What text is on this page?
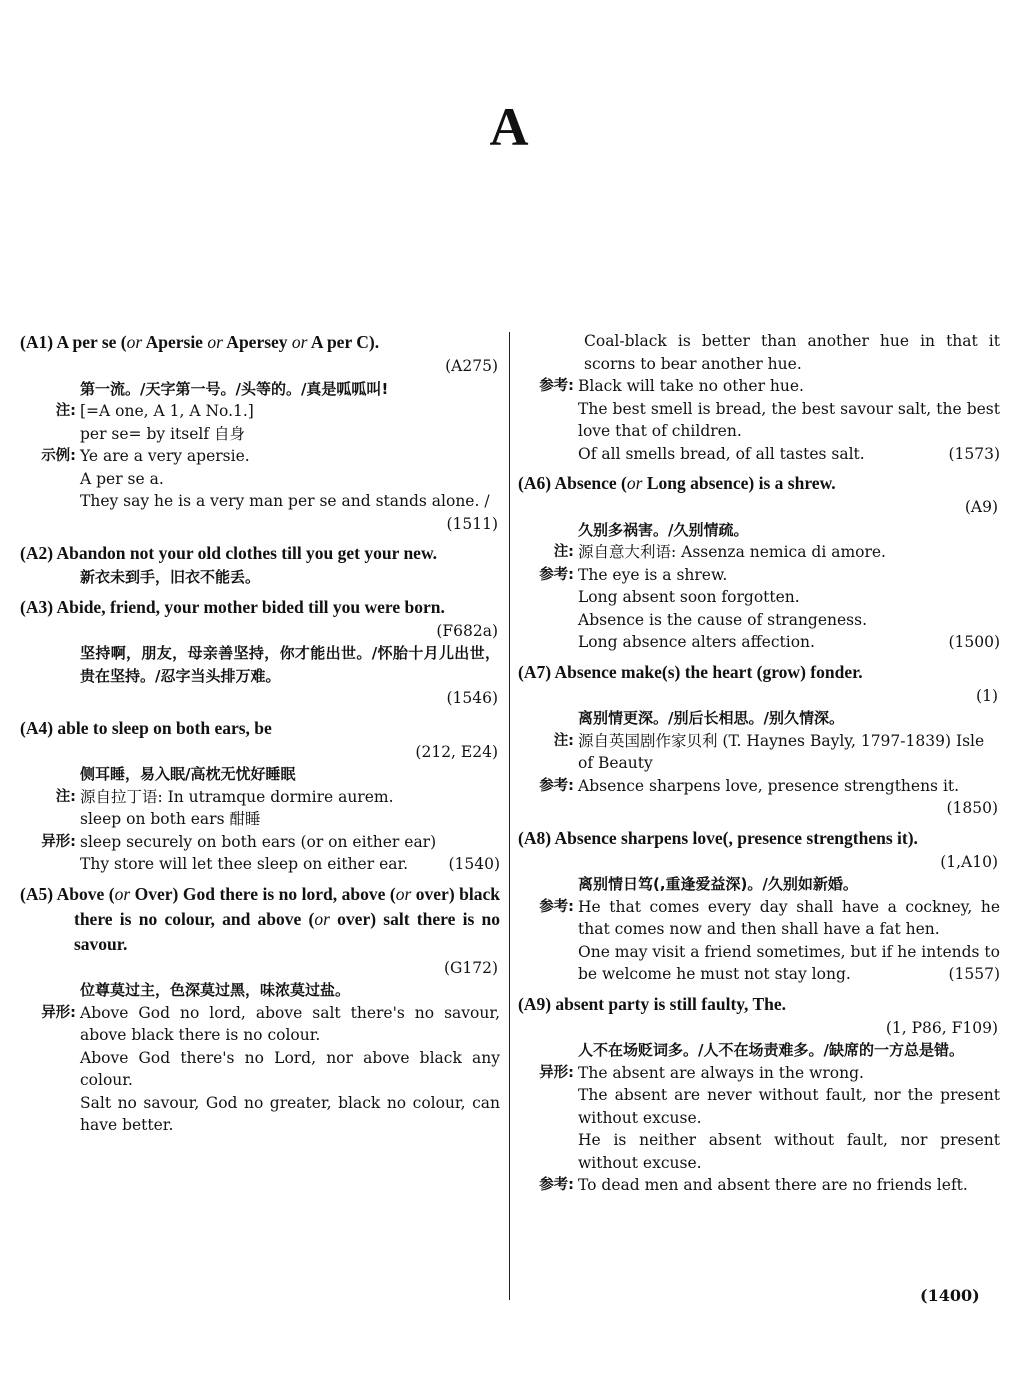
A
(A1) A per se (or Apersie or Apersey or A per C).
(A275)
第一流。/天字第一号。/头等的。/真是呱呱叫!
注: [=A one, A 1, A No.1.]
per se= by itself 自身
示例: Ye are a very apersie.
A per se a.
They say he is a very man per se and stands alone. /
(1511)
(A2) Abandon not your old clothes till you get your new.
新衣未到手，旧衣不能丢。
(A3) Abide, friend, your mother bided till you were born.
(F682a)
坚持啊，朋友，母亲善坚持，你才能出世。/怀胎十月儿出世，贵在坚持。/忍字当头排万难。
(1546)
(A4) able to sleep on both ears, be
(212, E24)
侧耳睡，易入眠/高枕无忧好睡眠
注: 源自拉丁语: In utramque dormire aurem.
sleep on both ears 酣睡
异形: sleep securely on both ears (or on either ear)
Thy store will let thee sleep on either ear.	(1540)
(A5) Above (or Over) God there is no lord, above (or over) black there is no colour, and above (or over) salt there is no savour.
(G172)
位尊莫过主，色深莫过黑，味浓莫过盐。
异形: Above God no lord, above salt there's no savour, above black there is no colour.
Above God there's no Lord, nor above black any colour.
Salt no savour, God no greater, black no colour, can have better.
Coal-black is better than another hue in that it scorns to bear another hue.
参考: Black will take no other hue.
The best smell is bread, the best savour salt, the best love that of children.
Of all smells bread, of all tastes salt.	(1573)
(A6) Absence (or Long absence) is a shrew.
(A9)
久别多祸害。/久别情疏。
注: 源自意大利语: Assenza nemica di amore.
参考: The eye is a shrew.
Long absent soon forgotten.
Absence is the cause of strangeness.
Long absence alters affection.	(1500)
(A7) Absence make(s) the heart (grow) fonder.
(1)
离别情更深。/别后长相思。/别久情深。
注: 源自英国剧作家贝利 (T. Haynes Bayly, 1797-1839) Isle of Beauty
参考: Absence sharpens love, presence strengthens it.
(1850)
(A8) Absence sharpens love(, presence strengthens it).
(1,A10)
离别情日笃(,重逢爱益深)。/久别如新婚。
参考: He that comes every day shall have a cockney, he that comes now and then shall have a fat hen.
One may visit a friend sometimes, but if he intends to be welcome he must not stay long.	(1557)
(A9) absent party is still faulty, The.
(1, P86, F109)
人不在场贬词多。/人不在场责难多。/缺席的一方总是错。
异形: The absent are always in the wrong.
The absent are never without fault, nor the present without excuse.
He is neither absent without fault, nor present without excuse.
参考: To dead men and absent there are no friends left.
(1400)
